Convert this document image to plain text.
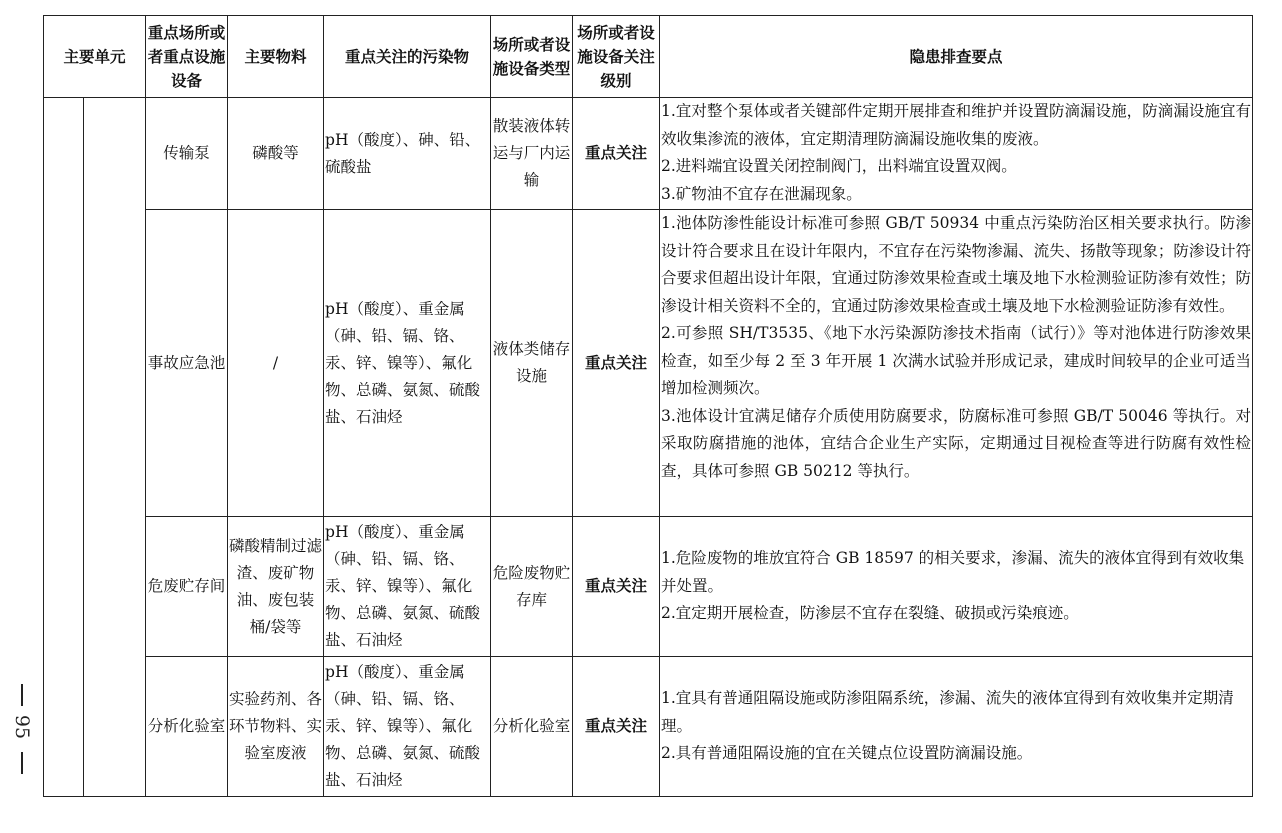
主要单元		重点场所或者重点设施设备	主要物料	重点关注的污染物	场所或者设施设备类型	场所或者设施设备关注级别	隐患排查要点
		传输泵	磷酸等	pH（酸度）、砷、铅、硫酸盐	散装液体转运与厂内运输	重点关注	1.宜对整个泵体或者关键部件定期开展排查和维护并设置防滴漏设施，防滴漏设施宜有效收集渗流的液体，宜定期清理防滴漏设施收集的废液。
2.进料端宜设置关闭控制阀门，出料端宜设置双阀。
3.矿物油不宜存在泄漏现象。

		事故应急池	/	pH（酸度）、重金属（砷、铅、镉、铬、汞、锌、镍等）、氟化物、总磷、氨氮、硫酸盐、石油烃	液体类储存设施	重点关注	1.池体防渗性能设计标准可参照 GB/T 50934 中重点污染防治区相关要求执行。防渗设计符合要求且在设计年限内，不宜存在污染物渗漏、流失、扬散等现象；防渗设计符合要求但超出设计年限，宜通过防渗效果检查或土壤及地下水检测验证防渗有效性；防渗设计相关资料不全的，宜通过防渗效果检查或土壤及地下水检测验证防渗有效性。
2.可参照 SH/T3535、《地下水污染源防渗技术指南（试行）》等对池体进行防渗效果检查，如至少每 2 至 3 年开展 1 次满水试验并形成记录，建成时间较早的企业可适当增加检测频次。
3.池体设计宜满足储存介质使用防腐要求，防腐标准可参照 GB/T 50046 等执行。对采取防腐措施的池体，宜结合企业生产实际，定期通过目视检查等进行防腐有效性检查，具体可参照 GB 50212 等执行。

		危废贮存间	磷酸精制过滤渣、废矿物油、废包装桶/袋等	pH（酸度）、重金属（砷、铅、镉、铬、汞、锌、镍等）、氟化物、总磷、氨氮、硫酸盐、石油烃	危险废物贮存库	重点关注	1.危险废物的堆放宜符合 GB 18597 的相关要求，渗漏、流失的液体宜得到有效收集并处置。
2.宜定期开展检查，防渗层不宜存在裂缝、破损或污染痕迹。

		分析化验室	实验药剂、各环节物料、实验室废液	pH（酸度）、重金属（砷、铅、镉、铬、汞、锌、镍等）、氟化物、总磷、氨氮、硫酸盐、石油烃	分析化验室	重点关注	1.宜具有普通阻隔设施或防渗阻隔系统，渗漏、流失的液体宜得到有效收集并定期清理。
2.具有普通阻隔设施的宜在关键点位设置防滴漏设施。
95
